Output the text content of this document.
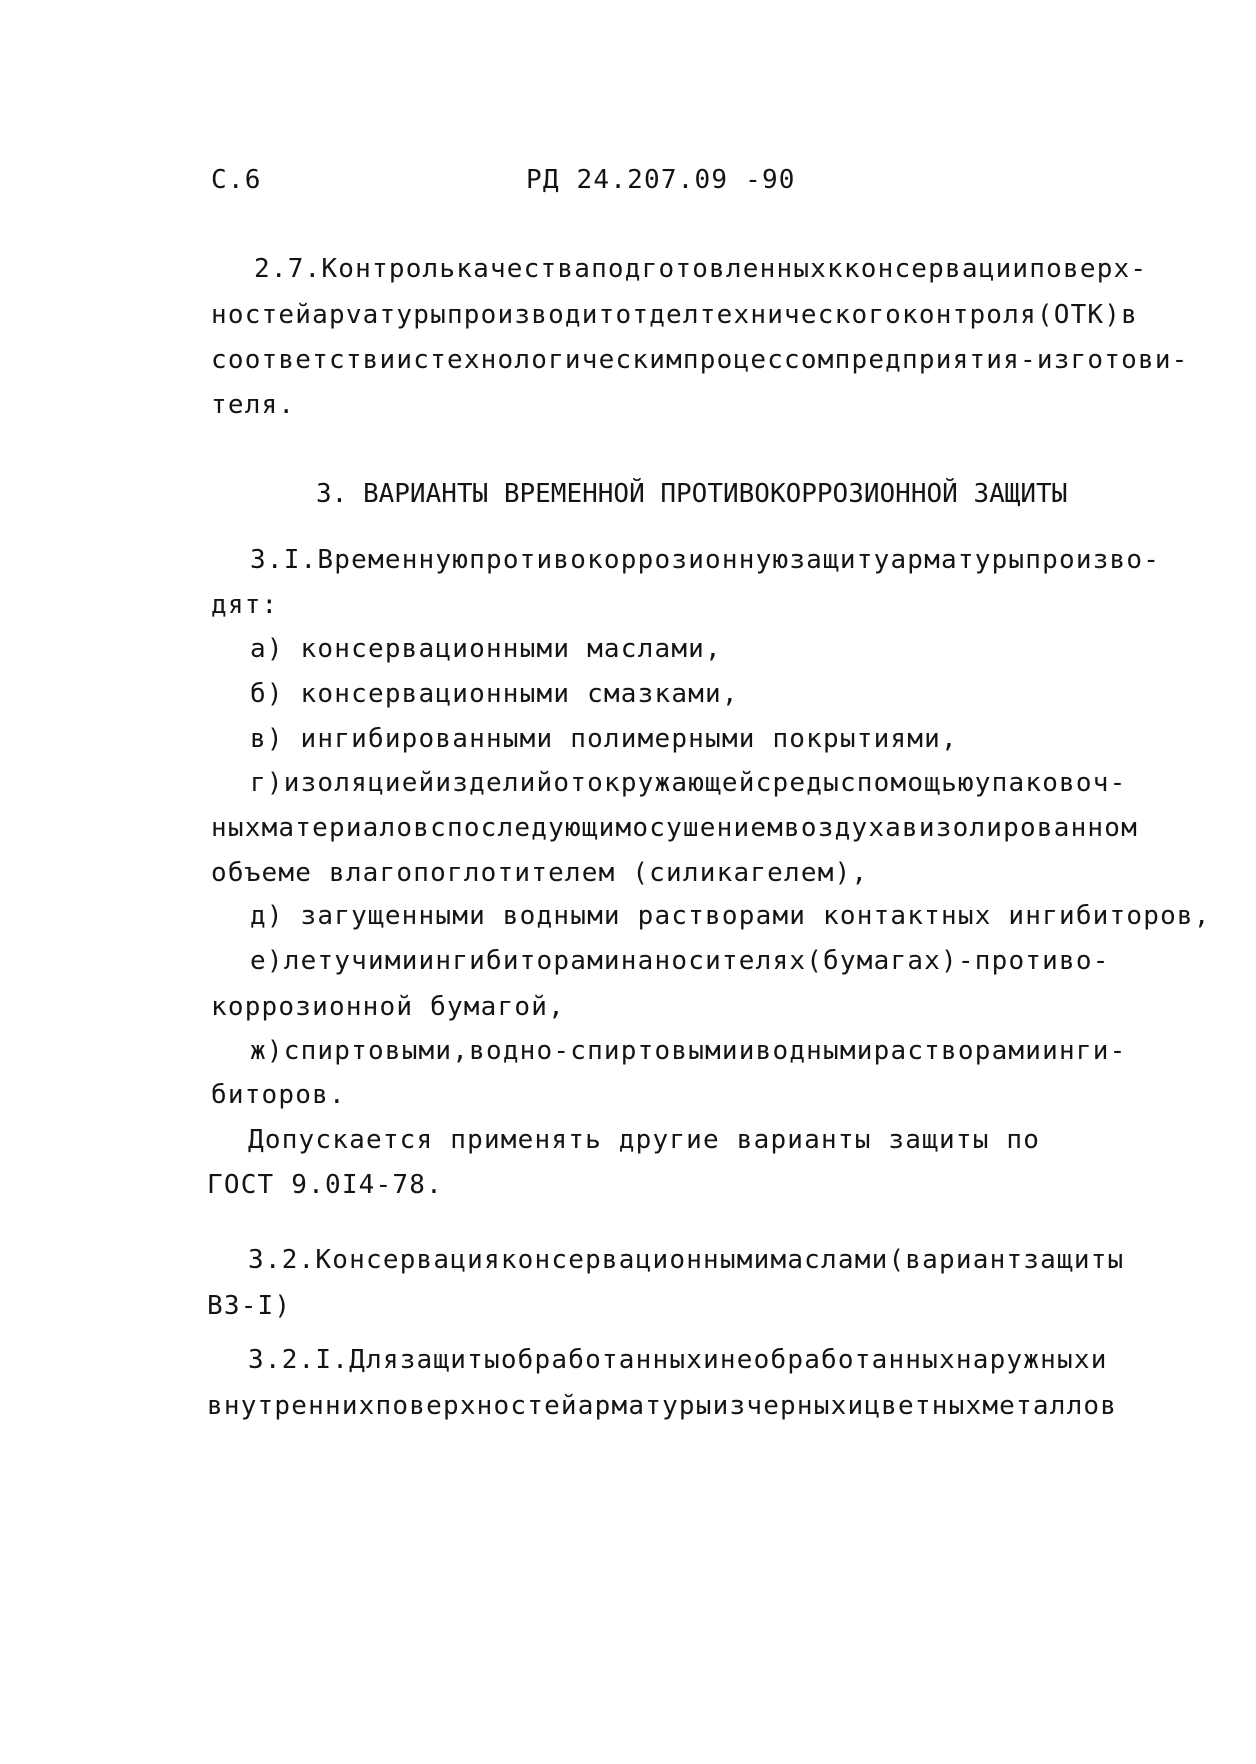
С.6	РД 24.207.09 -90
2.7. Контроль качества подготовленных к консервации поверх-
ностей арvатуры производит отдел технического контроля (ОТК) в
соответствии с технологическим процессом предприятия-изготови-
теля.
3. ВАРИАНТЫ ВРЕМЕННОЙ ПРОТИВОКОРРОЗИОННОЙ ЗАЩИТЫ
3.I. Временную противокоррозионную защиту арматуры произво-
дят:
а) консервационными маслами,
б) консервационными смазками,
в) ингибированными полимерными покрытиями,
г) изоляцией изделий от окружающей среды с помощью упаковоч-
ных материалов с последующим осушением воздуха в изолированном
объеме влагопоглотителем (силикагелем),
д) загущенными водными растворами контактных ингибиторов,
е) летучими ингибиторами на носителях (бумагах) - противо-
коррозионной бумагой,
ж) спиртовыми, водно-спиртовыми и водными растворами инги-
биторов.
Допускается применять другие варианты защиты по
ГОСТ 9.0I4-78.
3.2. Консервация консервационными маслами (вариант защиты
ВЗ-I)
3.2.I. Для защиты обработанных и необработанных наружных и
внутренних поверхностей арматуры из черных и цветных металлов
